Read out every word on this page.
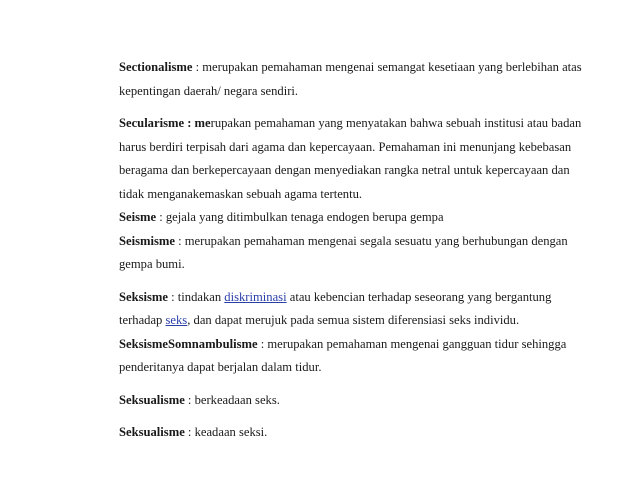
Sectionalisme : merupakan pemahaman mengenai semangat kesetiaan yang berlebihan atas kepentingan daerah/ negara sendiri.

Secularisme : merupakan pemahaman yang menyatakan bahwa sebuah institusi atau badan harus berdiri terpisah dari agama dan kepercayaan. Pemahaman ini menunjang kebebasan beragama dan berkepercayaan dengan menyediakan rangka netral untuk kepercayaan dan tidak menganakemaskan sebuah agama tertentu.

Seisme : gejala yang ditimbulkan tenaga endogen berupa gempa

Seismisme : merupakan pemahaman mengenai segala sesuatu yang berhubungan dengan gempa bumi.

Seksisme : tindakan diskriminasi atau kebencian terhadap seseorang yang bergantung terhadap seks, dan dapat merujuk pada semua sistem diferensiasi seks individu.

SeksismeSomnambulisme : merupakan pemahaman mengenai gangguan tidur sehingga penderitanya dapat berjalan dalam tidur.

Seksualisme : berkeadaan seks.

Seksualisme : keadaan seksi.
